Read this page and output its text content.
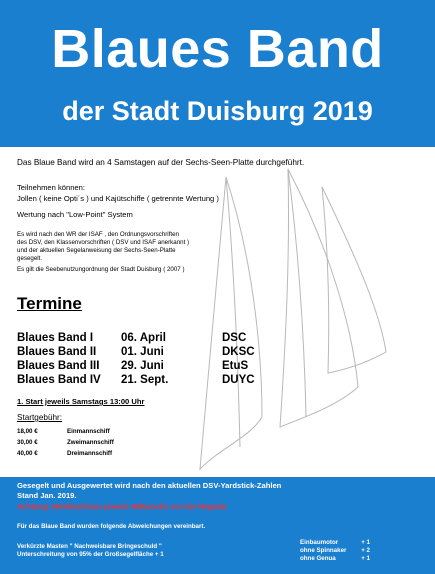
Blaues Band
der Stadt Duisburg 2019
Das Blaue Band wird an 4 Samstagen auf der Sechs-Seen-Platte durchgeführt.
Teilnehmen können:
Jollen ( keine Opti´s ) und Kajütschiffe ( getrennte Wertung )
Wertung nach "Low-Point" System
Es wird nach den WR der ISAF , den Ordnungsvorschriften
des DSV, den Klassenvorschriften ( DSV und ISAF anerkannt )
und der aktuellen Segelanweisung der Sechs-Seen-Platte
gesegelt.
Es gilt die Seebenutzungordnung der Stadt Duisburg ( 2007 )
Termine
Blaues Band I 06. April	DSC
Blaues Band II 01. Juni	DKSC
Blaues Band III 29. Juni	EtuS
Blaues Band IV 21. Sept.	DUYC
1. Start jeweils Samstags 13:00 Uhr
Startgebühr:
18,00 €	Einmannschiff
30,00 €	Zweimannschiff
40,00 €	Dreimannschiff
Gesegelt und Ausgewertet wird nach den aktuellen DSV-Yardstick-Zahlen
Stand Jan. 2019.
Achtung: Meldeschluss jeweils Mittwochs vor der Regatta
Für das Blaue Band wurden folgende Abweichungen vereinbart.
Verkürzte Masten " Nachweisbare Bringeschuld "
Unterschreitung von 95% der Großsegelfläche + 1
Einbaumotor	+ 1
ohne Spinnaker + 2
ohne Genua	+ 1
